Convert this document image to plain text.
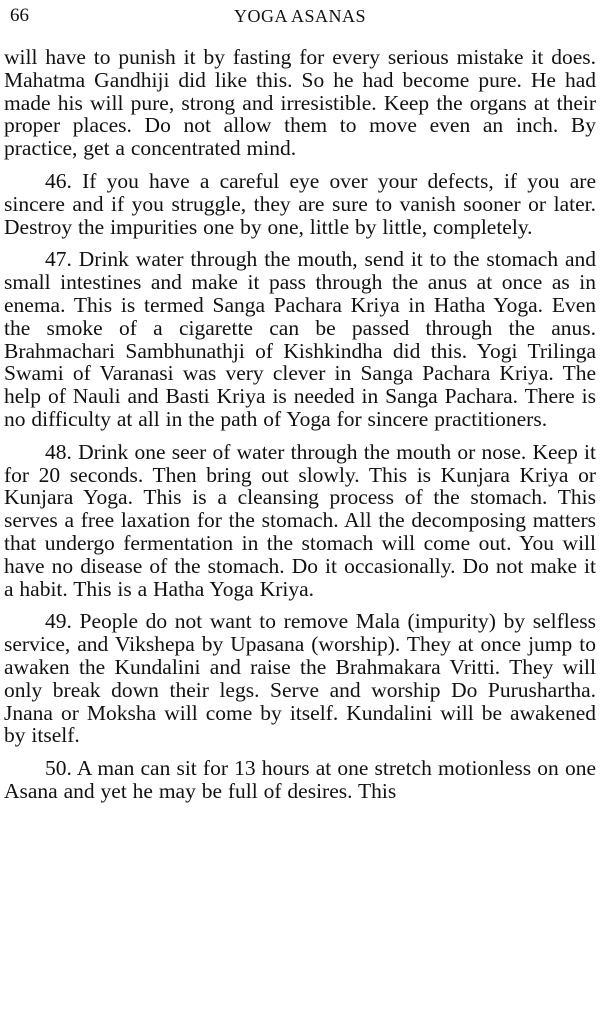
66	YOGA ASANAS

will have to punish it by fasting for every serious mistake it does. Mahatma Gandhiji did like this. So he had become pure. He had made his will pure, strong and irresistible. Keep the organs at their proper places. Do not allow them to move even an inch. By practice, get a concentrated mind.

46. If you have a careful eye over your defects, if you are sincere and if you struggle, they are sure to vanish sooner or later. Destroy the impurities one by one, little by little, completely.

47. Drink water through the mouth, send it to the stomach and small intestines and make it pass through the anus at once as in enema. This is termed Sanga Pachara Kriya in Hatha Yoga. Even the smoke of a cigarette can be passed through the anus. Brahmachari Sambhunathji of Kishkindha did this. Yogi Trilinga Swami of Varanasi was very clever in Sanga Pachara Kriya. The help of Nauli and Basti Kriya is needed in Sanga Pachara. There is no difficulty at all in the path of Yoga for sincere practitioners.

48. Drink one seer of water through the mouth or nose. Keep it for 20 seconds. Then bring out slowly. This is Kunjara Kriya or Kunjara Yoga. This is a cleansing process of the stomach. This serves a free laxation for the stomach. All the decomposing matters that undergo fermentation in the stomach will come out. You will have no disease of the stomach. Do it occasionally. Do not make it a habit. This is a Hatha Yoga Kriya.

49. People do not want to remove Mala (impurity) by selfless service, and Vikshepa by Upasana (worship). They at once jump to awaken the Kundalini and raise the Brahmakara Vritti. They will only break down their legs. Serve and worship Do Purushartha. Jnana or Moksha will come by itself. Kundalini will be awakened by itself.

50. A man can sit for 13 hours at one stretch motionless on one Asana and yet he may be full of desires. This
